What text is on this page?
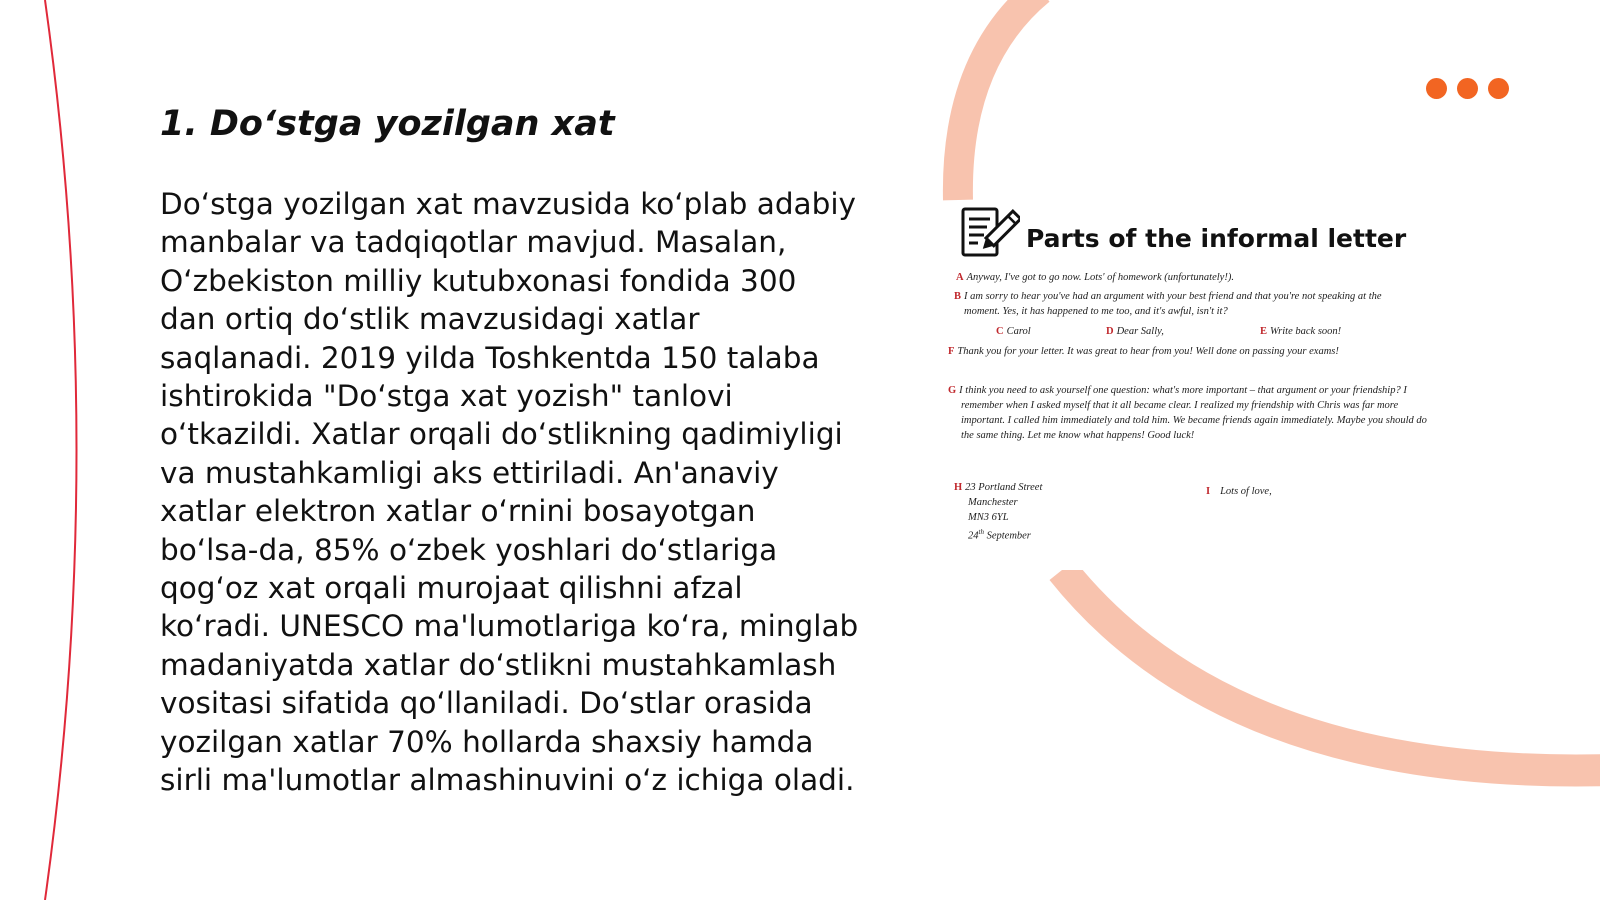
1. Do‘stga yozilgan xat

Do‘stga yozilgan xat mavzusida ko‘plab adabiy manbalar va tadqiqotlar mavjud. Masalan, O‘zbekiston milliy kutubxonasi fondida 300 dan ortiq do‘stlik mavzusidagi xatlar saqlanadi. 2019 yilda Toshkentda 150 talaba ishtirokida "Do‘stga xat yozish" tanlovi o‘tkazildi. Xatlar orqali do‘stlikning qadimiyligi va mustahkamligi aks ettiriladi. An'anaviy xatlar elektron xatlar o‘rnini bosayotgan bo‘lsa-da, 85% o‘zbek yoshlari do‘stlariga qog‘oz xat orqali murojaat qilishni afzal ko‘radi. UNESCO ma'lumotlariga ko‘ra, minglab madaniyatda xatlar do‘stlikni mustahkamlash vositasi sifatida qo‘llaniladi. Do‘stlar orasida yozilgan xatlar 70% hollarda shaxsiy hamda sirli ma'lumotlar almashinuvini o‘z ichiga oladi.

Parts of the informal letter
A Anyway, I've got to go now. Lots' of homework (unfortunately!).
B I am sorry to hear you've had an argument with your best friend and that you're not speaking at the moment. Yes, it has happened to me too, and it's awful, isn't it?
C Carol	D Dear Sally,	E Write back soon!
F Thank you for your letter. It was great to hear from you! Well done on passing your exams!
G I think you need to ask yourself one question: what's more important – that argument or your friendship? I remember when I asked myself that it all became clear. I realized my friendship with Chris was far more important. I called him immediately and told him. We became friends again immediately. Maybe you should do the same thing. Let me know what happens! Good luck!
H 23 Portland Street
Manchester
MN3 6YL
24th September
I Lots of love,
